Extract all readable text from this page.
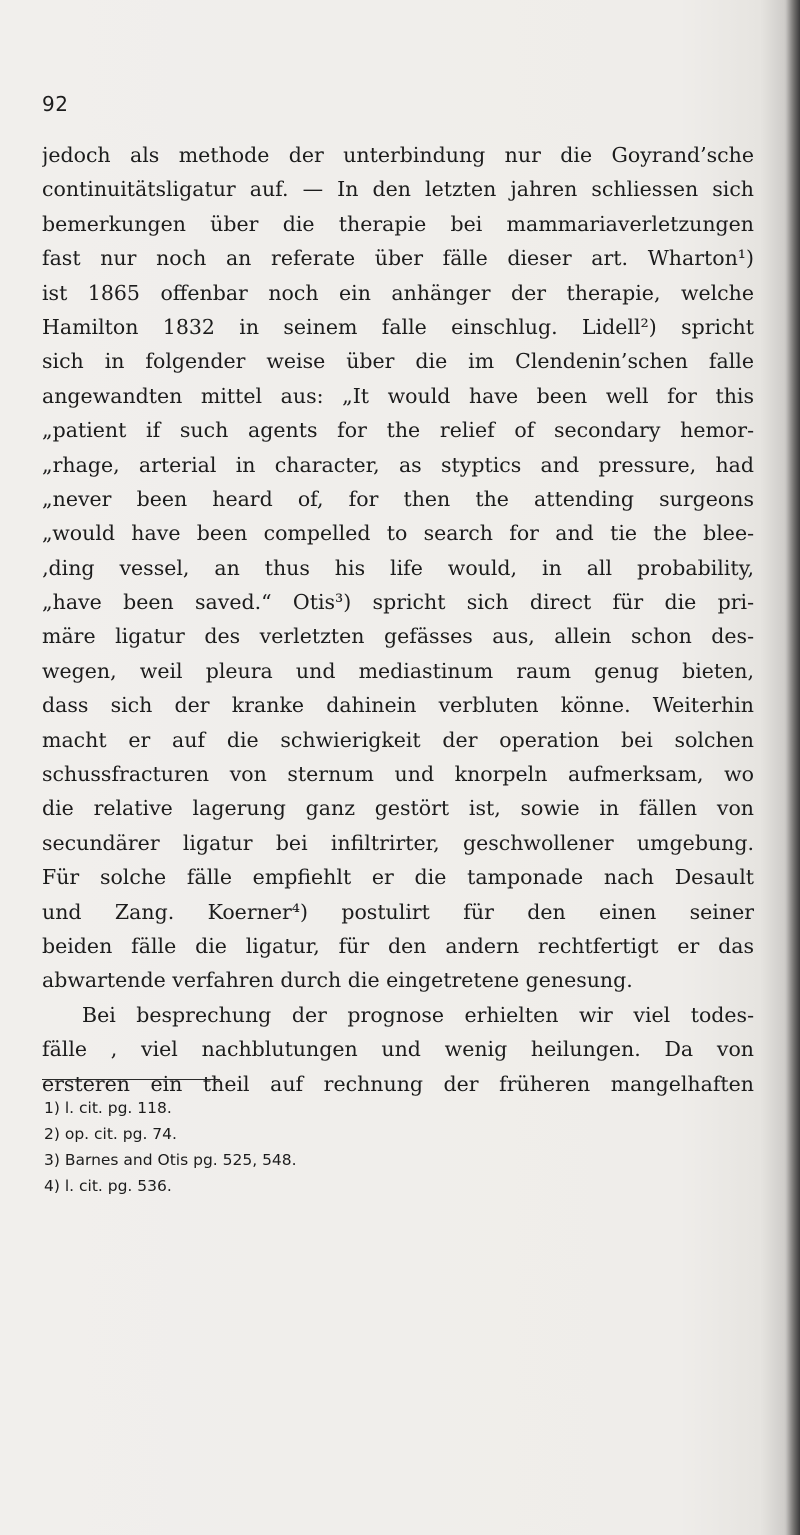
92
jedoch als methode der unterbindung nur die Goyrand’sche
continuitätsligatur auf. — In den letzten jahren schliessen sich
bemerkungen über die therapie bei mammariaverletzungen
fast nur noch an referate über fälle dieser art. Wharton¹)
ist 1865 offenbar noch ein anhänger der therapie, welche
Hamilton 1832 in seinem falle einschlug. Lidell²) spricht
sich in folgender weise über die im Clendenin’schen falle
angewandten mittel aus: „It would have been well for this
„patient if such agents for the relief of secondary hemor-
„rhage, arterial in character, as styptics and pressure, had
„never been heard of, for then the attending surgeons
„would have been compelled to search for and tie the blee-
‚ding vessel, an thus his life would, in all probability,
„have been saved.“ Otis³) spricht sich direct für die pri-
märe ligatur des verletzten gefässes aus, allein schon des-
wegen, weil pleura und mediastinum raum genug bieten,
dass sich der kranke dahinein verbluten könne. Weiterhin
macht er auf die schwierigkeit der operation bei solchen
schussfracturen von sternum und knorpeln aufmerksam, wo
die relative lagerung ganz gestört ist, sowie in fällen von
secundärer ligatur bei infiltrirter, geschwollener umgebung.
Für solche fälle empfiehlt er die tamponade nach Desault
und Zang. Koerner⁴) postulirt für den einen seiner
beiden fälle die ligatur, für den andern rechtfertigt er das
abwartende verfahren durch die eingetretene genesung.
Bei besprechung der prognose erhielten wir viel todes-
fälle , viel nachblutungen und wenig heilungen. Da von
ersteren ein theil auf rechnung der früheren mangelhaften
1) l. cit. pg. 118.
2) op. cit. pg. 74.
3) Barnes and Otis pg. 525, 548.
4) l. cit. pg. 536.
